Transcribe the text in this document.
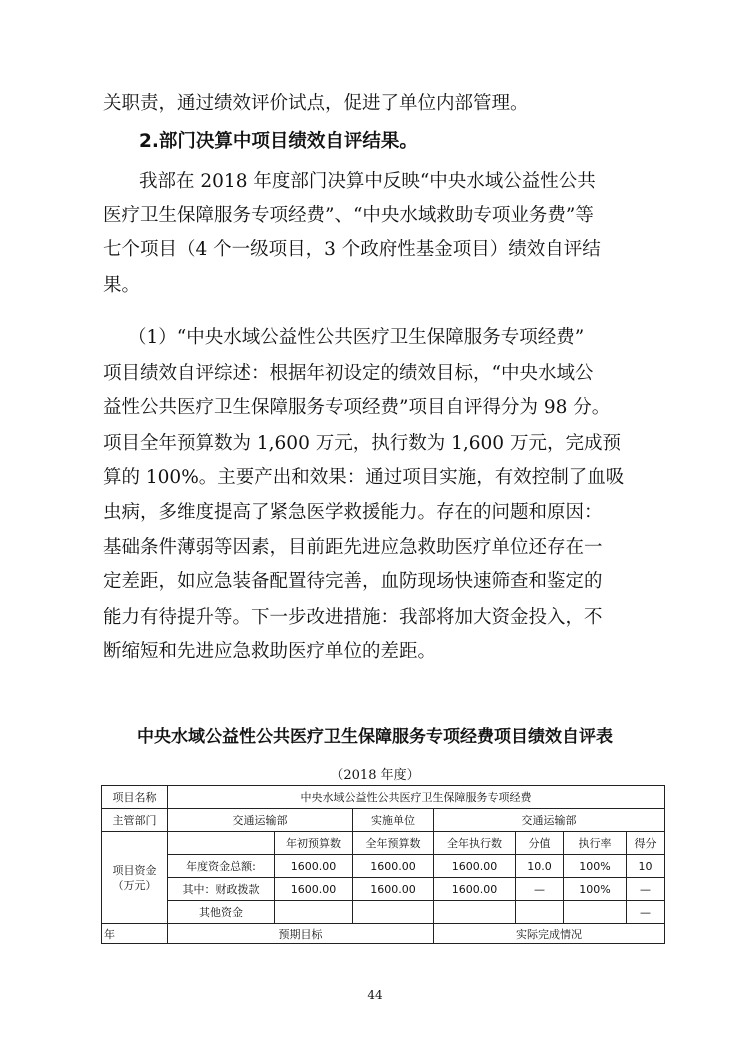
关职责，通过绩效评价试点，促进了单位内部管理。
2.部门决算中项目绩效自评结果。
我部在 2018 年度部门决算中反映“中央水域公益性公共
医疗卫生保障服务专项经费”、“中央水域救助专项业务费”等
七个项目（4 个一级项目，3 个政府性基金项目）绩效自评结
果。
（1）“中央水域公益性公共医疗卫生保障服务专项经费”
项目绩效自评综述：根据年初设定的绩效目标，“中央水域公
益性公共医疗卫生保障服务专项经费”项目自评得分为 98 分。
项目全年预算数为 1,600 万元，执行数为 1,600 万元，完成预
算的 100%。主要产出和效果：通过项目实施，有效控制了血吸
虫病，多维度提高了紧急医学救援能力。存在的问题和原因：
基础条件薄弱等因素，目前距先进应急救助医疗单位还存在一
定差距，如应急装备配置待完善，血防现场快速筛查和鉴定的
能力有待提升等。下一步改进措施：我部将加大资金投入，不
断缩短和先进应急救助医疗单位的差距。
中央水域公益性公共医疗卫生保障服务专项经费项目绩效自评表
（2018 年度）
项目名称	中央水域公益性公共医疗卫生保障服务专项经费						
主管部门	交通运输部		实施单位	交通运输部			
项目资金（万元）		年初预算数	全年预算数	全年执行数	分值	执行率	得分
	年度资金总额:	1600.00	1600.00	1600.00	10.0	100%	10
	其中：财政拨款	1600.00	1600.00	1600.00	—	100%	—
	其他资金						—
年	预期目标			实际完成情况			
44
